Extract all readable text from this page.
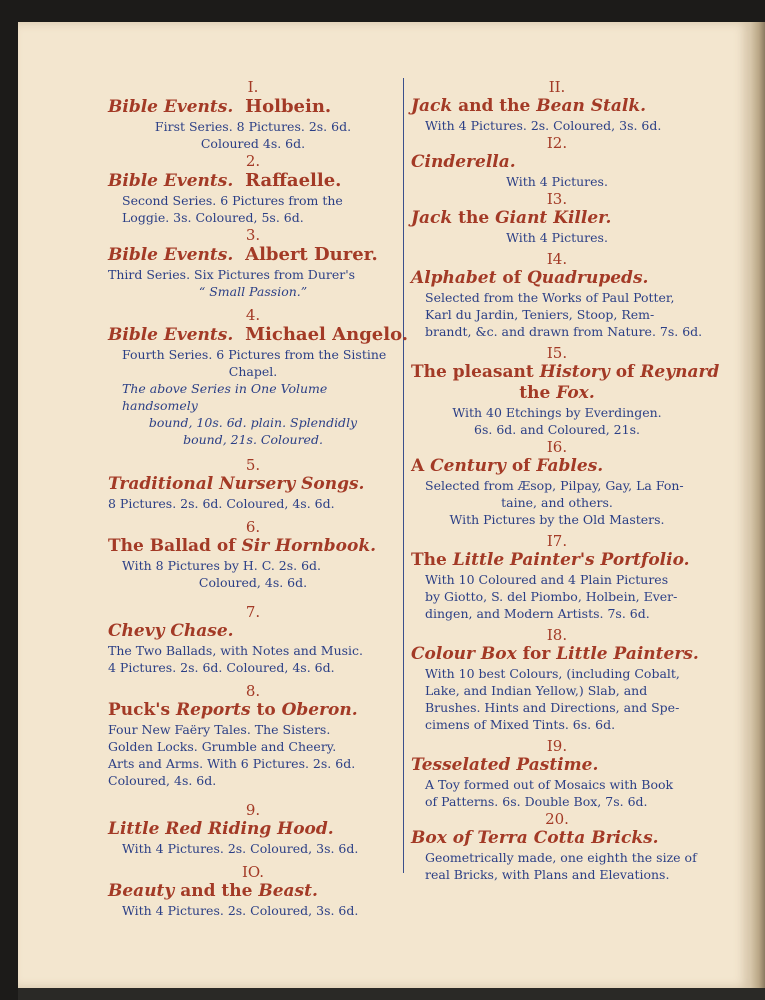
I.

Bible Events. Holbein.

First Series. 8 Pictures. 2s. 6d.

Coloured 4s. 6d.

2.

Bible Events. Raffaelle.

Second Series. 6 Pictures from the

Loggie. 3s. Coloured, 5s. 6d.

3.

Bible Events. Albert Durer.

Third Series. Six Pictures from Durer's

“ Small Passion.”

4.

Bible Events. Michael Angelo.

Fourth Series. 6 Pictures from the Sistine

Chapel.

The above Series in One Volume handsomely

bound, 10s. 6d. plain. Splendidly

bound, 21s. Coloured.

5.

Traditional Nursery Songs.

8 Pictures. 2s. 6d. Coloured, 4s. 6d.

6.

The Ballad of Sir Hornbook.

With 8 Pictures by H. C. 2s. 6d.

Coloured, 4s. 6d.

7.

Chevy Chase.

The Two Ballads, with Notes and Music.

4 Pictures. 2s. 6d. Coloured, 4s. 6d.

8.

Puck's Reports to Oberon.

Four New Faëry Tales. The Sisters.

Golden Locks. Grumble and Cheery.

Arts and Arms. With 6 Pictures. 2s. 6d.

Coloured, 4s. 6d.

9.

Little Red Riding Hood.

With 4 Pictures. 2s. Coloured, 3s. 6d.

IO.

Beauty and the Beast.

With 4 Pictures. 2s. Coloured, 3s. 6d.

II.

Jack and the Bean Stalk.

With 4 Pictures. 2s. Coloured, 3s. 6d.

I2.

Cinderella.

With 4 Pictures.

I3.

Jack the Giant Killer.

With 4 Pictures.

I4.

Alphabet of Quadrupeds.

Selected from the Works of Paul Potter,

Karl du Jardin, Teniers, Stoop, Rem-

brandt, &c. and drawn from Nature. 7s. 6d.

I5.

The pleasant History of Reynard

the Fox.

With 40 Etchings by Everdingen.

6s. 6d. and Coloured, 21s.

I6.

A Century of Fables.

Selected from Æsop, Pilpay, Gay, La Fon-

taine, and others.

With Pictures by the Old Masters.

I7.

The Little Painter's Portfolio.

With 10 Coloured and 4 Plain Pictures

by Giotto, S. del Piombo, Holbein, Ever-

dingen, and Modern Artists. 7s. 6d.

I8.

Colour Box for Little Painters.

With 10 best Colours, (including Cobalt,

Lake, and Indian Yellow,) Slab, and

Brushes. Hints and Directions, and Spe-

cimens of Mixed Tints. 6s. 6d.

I9.

Tesselated Pastime.

A Toy formed out of Mosaics with Book

of Patterns. 6s. Double Box, 7s. 6d.

20.

Box of Terra Cotta Bricks.

Geometrically made, one eighth the size of

real Bricks, with Plans and Elevations.
